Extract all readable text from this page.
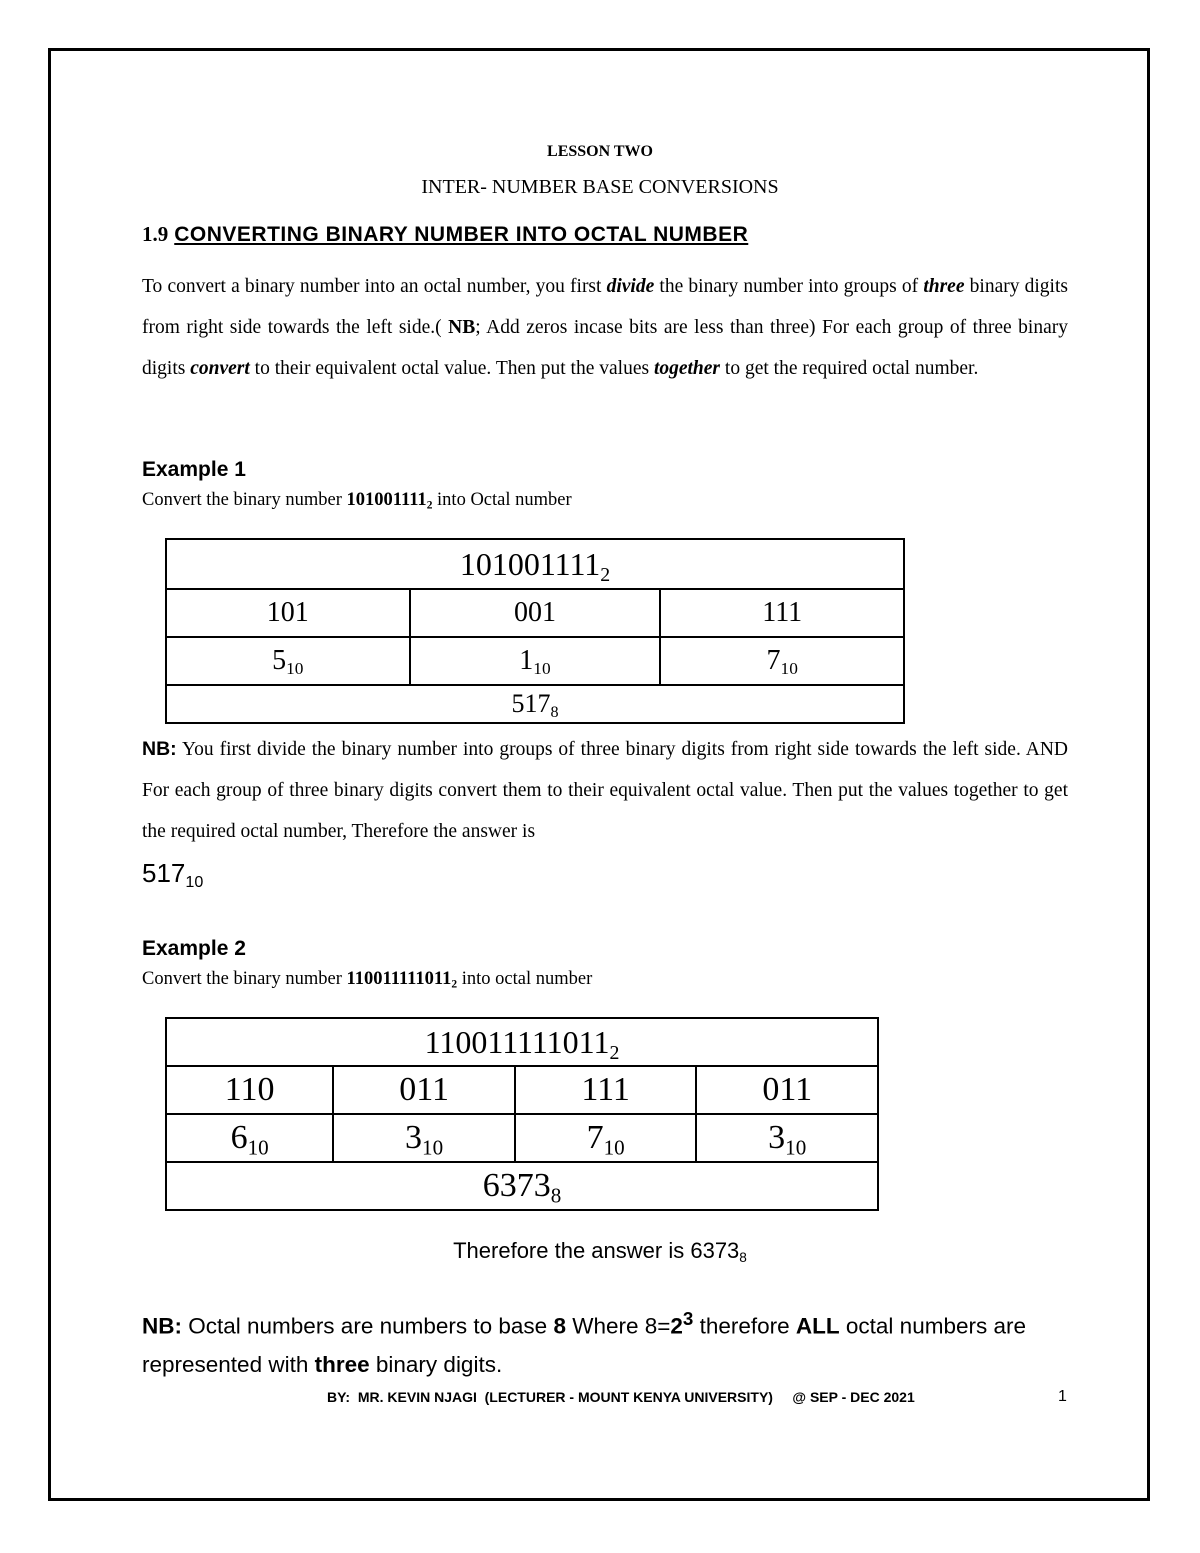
LESSON TWO
INTER- NUMBER BASE CONVERSIONS
1.9 CONVERTING BINARY NUMBER INTO OCTAL NUMBER
To convert a binary number into an octal number, you first divide the binary number into groups of three binary digits from right side towards the left side.( NB; Add zeros incase bits are less than three) For each group of three binary digits convert to their equivalent octal value. Then put the values together to get the required octal number.
Example 1
Convert the binary number $101001111_2$ into Octal number
$101001111_2$
101	001	111
$5_{10}$	$1_{10}$	$7_{10}$
$517_8$
NB: You first divide the binary number into groups of three binary digits from right side towards the left side. AND For each group of three binary digits convert them to their equivalent octal value. Then put the values together to get the required octal number, Therefore the answer is
$517_{10}$
Example 2
Convert the binary number $110011111011_2$ into octal number
$110011111011_2$
110	011	111	011
$6_{10}$	$3_{10}$	$7_{10}$	$3_{10}$
$6373_8$
Therefore the answer is $6373_8$
NB: Octal numbers are numbers to base 8 Where $8=2^3$ therefore ALL octal numbers are represented with three binary digits.
BY:  MR. KEVIN NJAGI  (LECTURER - MOUNT KENYA UNIVERSITY)     @ SEP - DEC 2021	1
